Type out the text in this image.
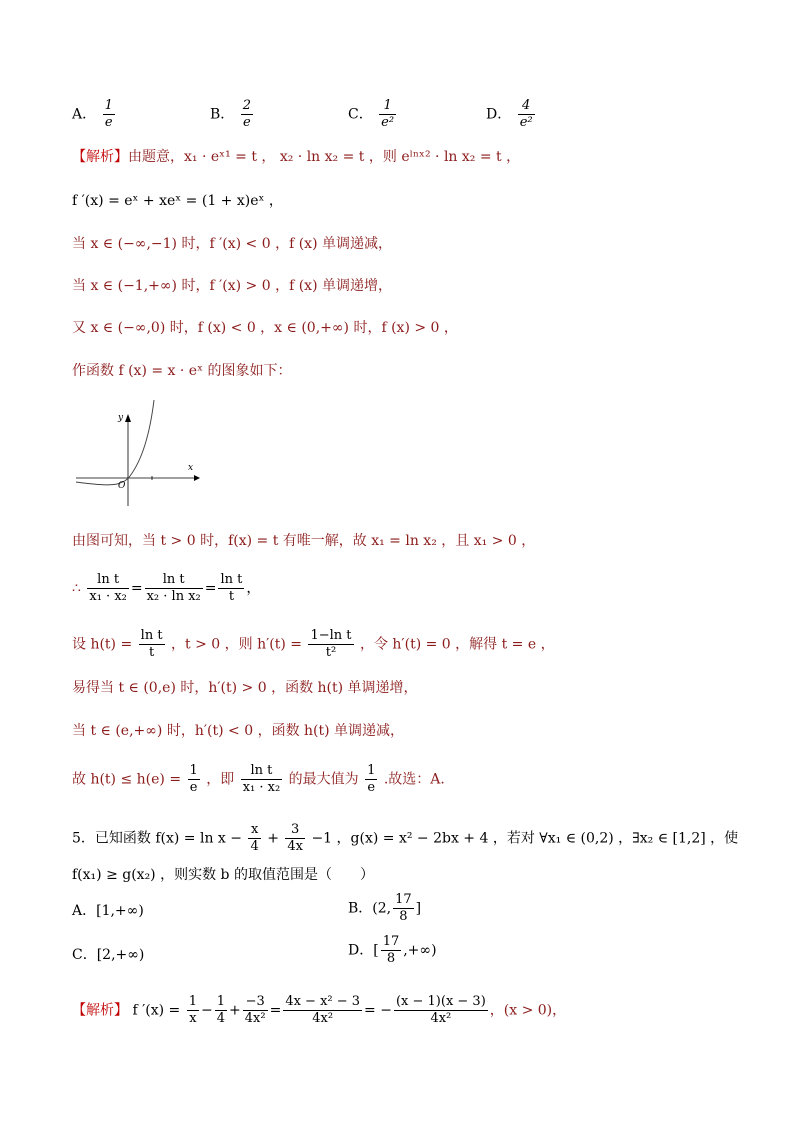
A． $\frac{1}{e}$	B． $\frac{2}{e}$	C． $\frac{1}{\text{e²}}$	D． $\frac{4}{\text{e²}}$
【解析】由题意，x₁ · eˣ¹ = t ， x₂ · ln x₂ = t ，则 eˡⁿˣ² · ln x₂ = t ，
f ′(x) = eˣ + xeˣ = (1 + x)eˣ ，
当 x ∈ (−∞,−1) 时，f ′(x) < 0 ，f (x) 单调递减，
当 x ∈ (−1,+∞) 时，f ′(x) > 0 ，f (x) 单调递增，
又 x ∈ (−∞,0) 时，f (x) < 0 ，x ∈ (0,+∞) 时，f (x) > 0 ，
作函数 f (x) = x · eˣ 的图象如下：
x
y
O
由图可知，当 t > 0 时，f(x) = t 有唯一解，故 x₁ = ln x₂ ，且 x₁ > 0 ，
∴ $\frac{\text{ln t}}{\text{x₁ · x₂}} = \frac{\text{ln t}}{\text{x₂ · ln x₂}} = \frac{\text{ln t}}{t}$ ，
设 $h(t) = \frac{\text{ln t}}{t}$ ，t > 0 ，则 $h'(t) = \frac{\text{1−ln t}}{\text{t²}}$ ，令 h′(t) = 0 ，解得 t = e ，
易得当 t ∈ (0,e) 时，h′(t) > 0 ，函数 h(t) 单调递增，
当 t ∈ (e,+∞) 时，h′(t) < 0 ，函数 h(t) 单调递减，
故 $h(t) \le h(e) = \frac{1}{e}$ ，即 $\frac{\text{ln t}}{\text{x₁ · x₂}}$ 的最大值为 $\frac{1}{e}$ .故选：A.
5．已知函数 $f(x) = \ln x - \frac{x}{4} + \frac{3}{4x} -1$ ，g(x) = x² − 2bx + 4 ，若对 ∀x₁ ∈ (0,2) ，∃x₂ ∈ [1,2] ，使
f(x₁) ≥ g(x₂) ，则实数 b 的取值范围是（　　）
A．[1,+∞)	B．(2, $\frac{17}{8}$ ]
C．[2,+∞)	D．[ $\frac{17}{8}$ ,+∞)
【解析】 f $'(x) = \frac{1}{x} - \frac{1}{4} + \frac{-3}{\text{4x²}} = \frac{\text{4x − x² − 3}}{\text{4x²}}$ = − $\frac{(x - 1)(x - 3)}{\text{4x²}}$ ，(x > 0)，
